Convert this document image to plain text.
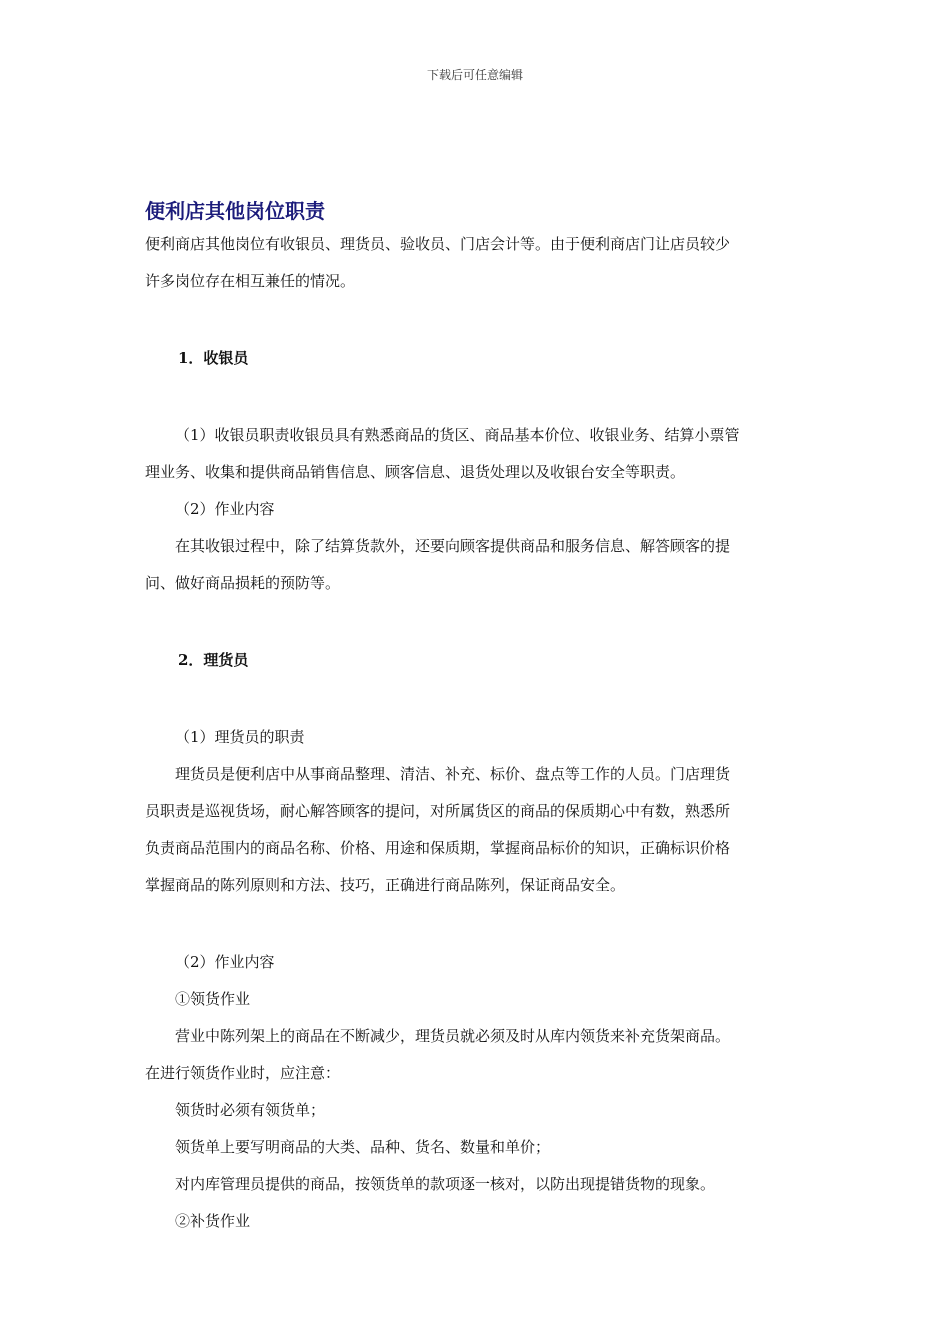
下载后可任意编辑
便利店其他岗位职责

便利商店其他岗位有收银员、理货员、验收员、门店会计等。由于便利商店门让店员较少

许多岗位存在相互兼任的情况。

1．收银员

（1）收银员职责收银员具有熟悉商品的货区、商品基本价位、收银业务、结算小票管

理业务、收集和提供商品销售信息、顾客信息、退货处理以及收银台安全等职责。

（2）作业内容

在其收银过程中，除了结算货款外，还要向顾客提供商品和服务信息、解答顾客的提

问、做好商品损耗的预防等。

2．理货员

（1）理货员的职责

理货员是便利店中从事商品整理、清洁、补充、标价、盘点等工作的人员。门店理货

员职责是巡视货场，耐心解答顾客的提问，对所属货区的商品的保质期心中有数，熟悉所

负责商品范围内的商品名称、价格、用途和保质期，掌握商品标价的知识，正确标识价格

掌握商品的陈列原则和方法、技巧，正确进行商品陈列，保证商品安全。

（2）作业内容

①领货作业

营业中陈列架上的商品在不断减少，理货员就必须及时从库内领货来补充货架商品。

在进行领货作业时，应注意：

领货时必须有领货单；

领货单上要写明商品的大类、品种、货名、数量和单价；

对内库管理员提供的商品，按领货单的款项逐一核对，以防出现提错货物的现象。

②补货作业
